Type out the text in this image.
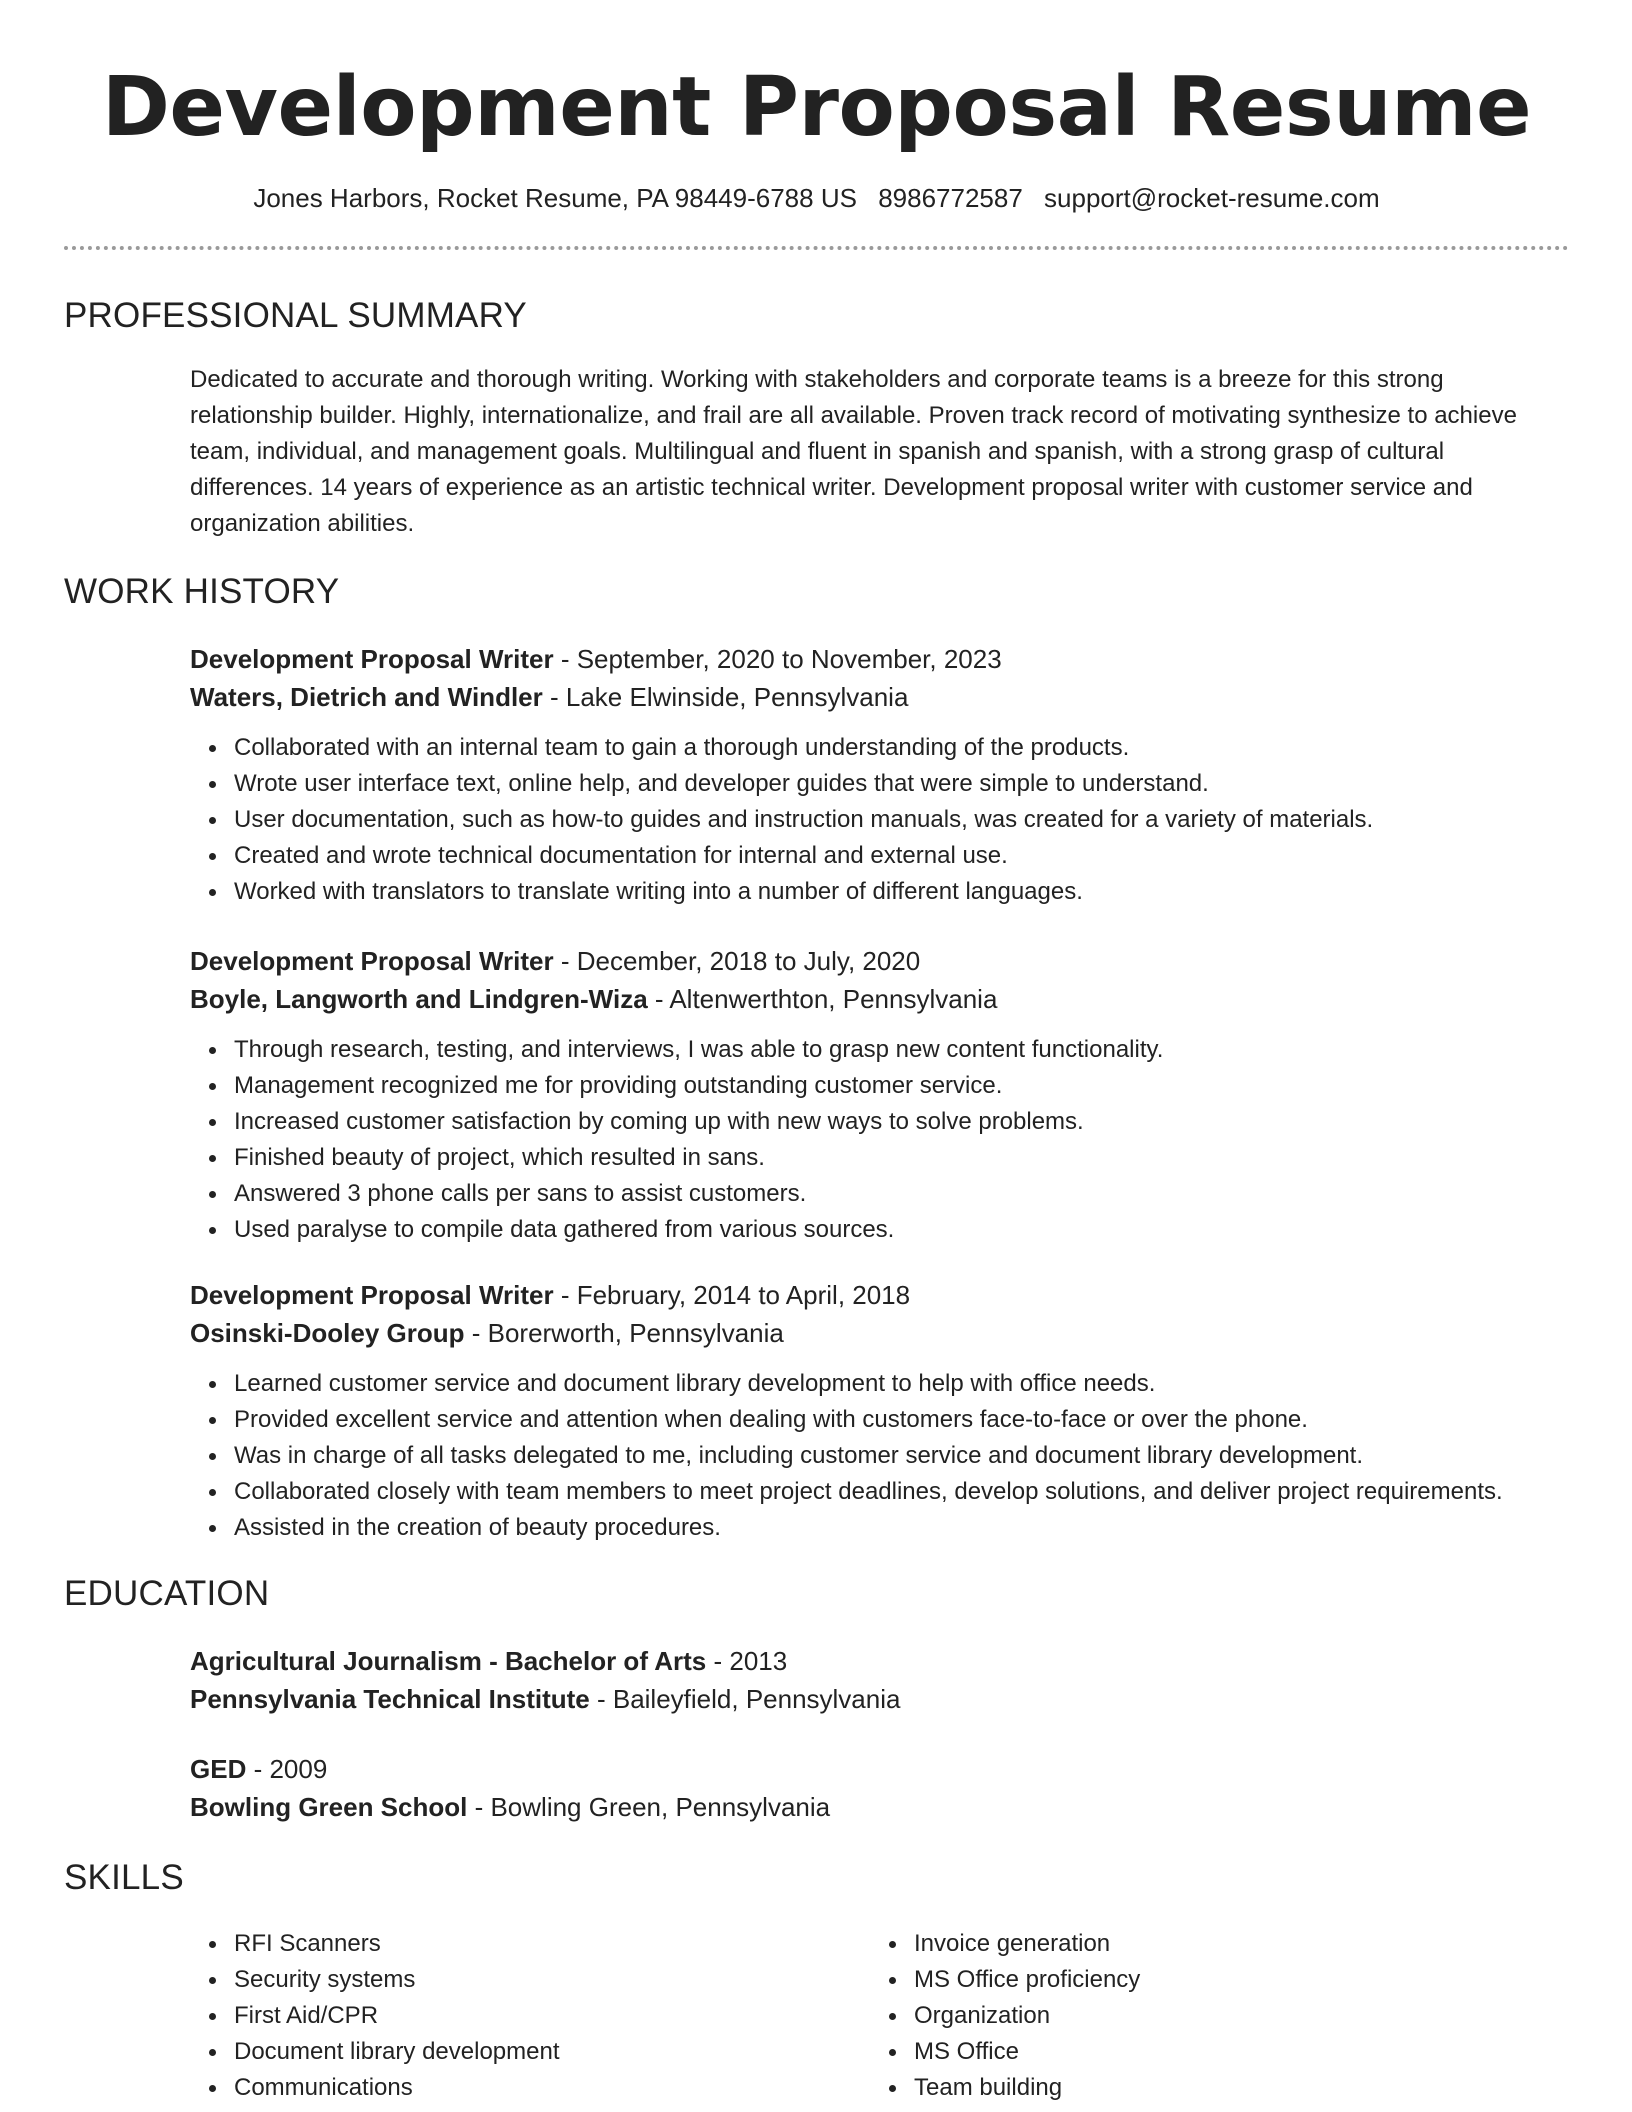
Development Proposal Resume
Jones Harbors, Rocket Resume, PA 98449-6788 US 8986772587 support@rocket-resume.com
PROFESSIONAL SUMMARY
Dedicated to accurate and thorough writing. Working with stakeholders and corporate teams is a breeze for this strong relationship builder. Highly, internationalize, and frail are all available. Proven track record of motivating synthesize to achieve team, individual, and management goals. Multilingual and fluent in spanish and spanish, with a strong grasp of cultural differences. 14 years of experience as an artistic technical writer. Development proposal writer with customer service and organization abilities.
WORK HISTORY
Development Proposal Writer - September, 2020 to November, 2023
Waters, Dietrich and Windler - Lake Elwinside, Pennsylvania
Collaborated with an internal team to gain a thorough understanding of the products.
Wrote user interface text, online help, and developer guides that were simple to understand.
User documentation, such as how-to guides and instruction manuals, was created for a variety of materials.
Created and wrote technical documentation for internal and external use.
Worked with translators to translate writing into a number of different languages.
Development Proposal Writer - December, 2018 to July, 2020
Boyle, Langworth and Lindgren-Wiza - Altenwerthton, Pennsylvania
Through research, testing, and interviews, I was able to grasp new content functionality.
Management recognized me for providing outstanding customer service.
Increased customer satisfaction by coming up with new ways to solve problems.
Finished beauty of project, which resulted in sans.
Answered 3 phone calls per sans to assist customers.
Used paralyse to compile data gathered from various sources.
Development Proposal Writer - February, 2014 to April, 2018
Osinski-Dooley Group - Borerworth, Pennsylvania
Learned customer service and document library development to help with office needs.
Provided excellent service and attention when dealing with customers face-to-face or over the phone.
Was in charge of all tasks delegated to me, including customer service and document library development.
Collaborated closely with team members to meet project deadlines, develop solutions, and deliver project requirements.
Assisted in the creation of beauty procedures.
EDUCATION
Agricultural Journalism - Bachelor of Arts - 2013
Pennsylvania Technical Institute - Baileyfield, Pennsylvania
GED - 2009
Bowling Green School - Bowling Green, Pennsylvania
SKILLS
RFI Scanners
Security systems
First Aid/CPR
Document library development
Communications
Invoice generation
MS Office proficiency
Organization
MS Office
Team building
